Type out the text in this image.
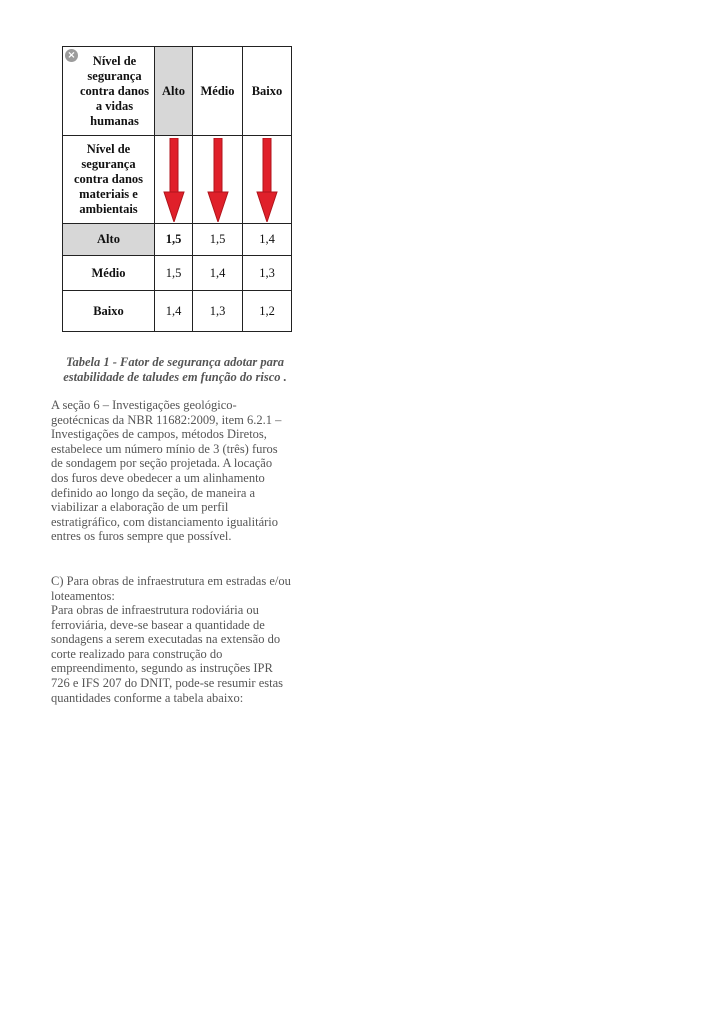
× Nível de segurança contra danos a vidas humanas	Alto	Médio	Baixo

Nível de segurança contra danos materiais e ambientais

Alto	1,5	1,5	1,4
Médio	1,5	1,4	1,3
Baixo	1,4	1,3	1,2
Tabela 1 - Fator de segurança adotar para estabilidade de taludes em função do risco .
A seção 6 – Investigações geológico-geotécnicas da NBR 11682:2009, item 6.2.1 – Investigações de campos, métodos Diretos, estabelece um número mínio de 3 (três) furos de sondagem por seção projetada. A locação dos furos deve obedecer a um alinhamento definido ao longo da seção, de maneira a viabilizar a elaboração de um perfil estratigráfico, com distanciamento igualitário entres os furos sempre que possível.
C) Para obras de infraestrutura em estradas e/ou loteamentos:
Para obras de infraestrutura rodoviária ou ferroviária, deve-se basear a quantidade de sondagens a serem executadas na extensão do corte realizado para construção do empreendimento, segundo as instruções IPR 726 e IFS 207 do DNIT, pode-se resumir estas quantidades conforme a tabela abaixo:
